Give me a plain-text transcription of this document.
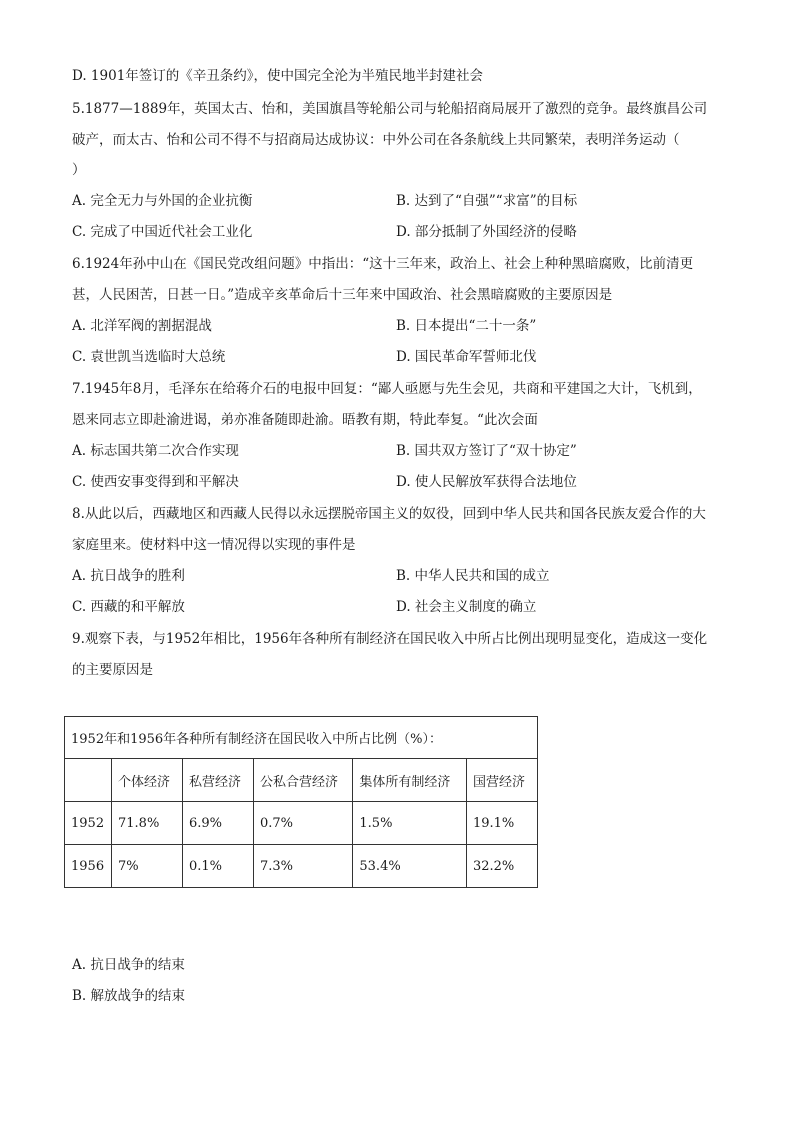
D. 1901年签订的《辛丑条约》，使中国完全沦为半殖民地半封建社会
5.1877—1889年，英国太古、怡和，美国旗昌等轮船公司与轮船招商局展开了激烈的竞争。最终旗昌公司
破产，而太古、怡和公司不得不与招商局达成协议：中外公司在各条航线上共同繁荣，表明洋务运动（
）
A. 完全无力与外国的企业抗衡	B. 达到了“自强”“求富”的目标
C. 完成了中国近代社会工业化	D. 部分抵制了外国经济的侵略
6.1924年孙中山在《国民党改组问题》中指出：“这十三年来，政治上、社会上种种黑暗腐败，比前清更
甚，人民困苦，日甚一日。”造成辛亥革命后十三年来中国政治、社会黑暗腐败的主要原因是
A. 北洋军阀的割据混战	B. 日本提出“二十一条”
C. 袁世凯当选临时大总统	D. 国民革命军誓师北伐
7.1945年8月，毛泽东在给蒋介石的电报中回复：“鄙人亟愿与先生会见，共商和平建国之大计，飞机到，
恩来同志立即赴渝进谒，弟亦准备随即赴渝。晤教有期，特此奉复。“此次会面
A. 标志国共第二次合作实现	B. 国共双方签订了“双十协定”
C. 使西安事变得到和平解决	D. 使人民解放军获得合法地位
8.从此以后，西藏地区和西藏人民得以永远摆脱帝国主义的奴役，回到中华人民共和国各民族友爱合作的大
家庭里来。使材料中这一情况得以实现的事件是
A. 抗日战争的胜利	B. 中华人民共和国的成立
C. 西藏的和平解放	D. 社会主义制度的确立
9.观察下表，与1952年相比，1956年各种所有制经济在国民收入中所占比例出现明显变化，造成这一变化
的主要原因是
1952年和1956年各种所有制经济在国民收入中所占比例（%）：					
	个体经济	私营经济	公私合营经济	集体所有制经济	国营经济
1952	71.8%	6.9%	0.7%	1.5%	19.1%
1956	7%	0.1%	7.3%	53.4%	32.2%
A. 抗日战争的结束
B. 解放战争的结束
